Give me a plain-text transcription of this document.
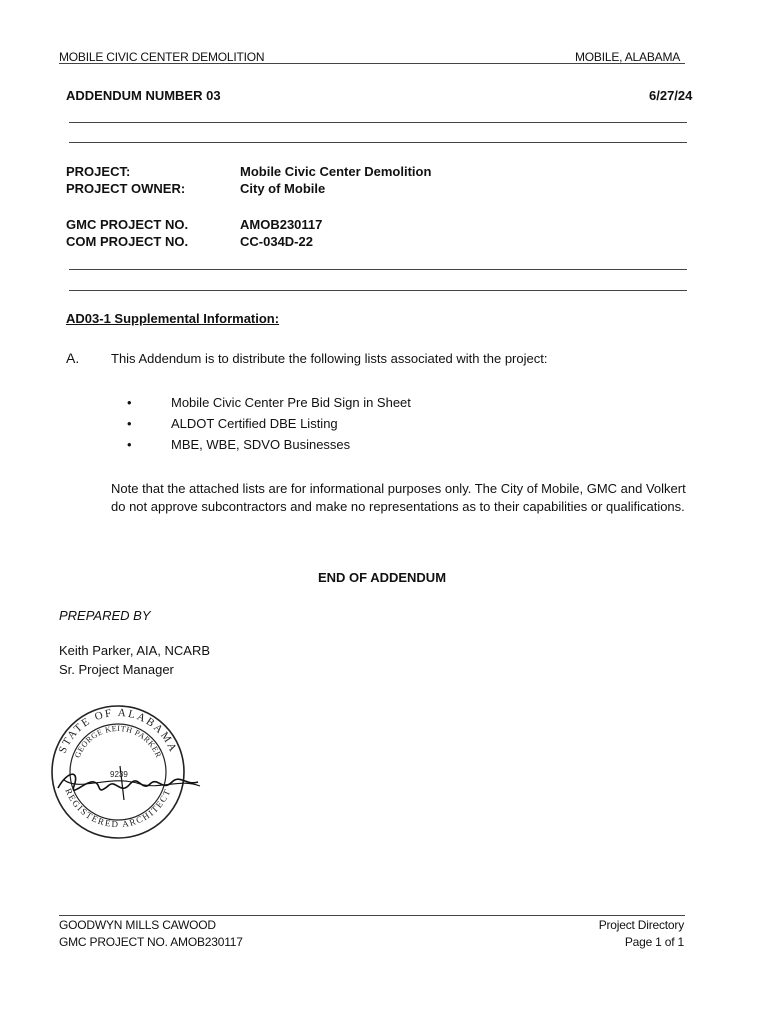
MOBILE CIVIC CENTER DEMOLITION	MOBILE, ALABAMA
ADDENDUM NUMBER 03	6/27/24
PROJECT:	Mobile Civic Center Demolition
PROJECT OWNER:	City of Mobile
GMC PROJECT NO.	AMOB230117
COM PROJECT NO.	CC-034D-22
AD03-1 Supplemental Information:
A. This Addendum is to distribute the following lists associated with the project:
•	Mobile Civic Center Pre Bid Sign in Sheet
•	ALDOT Certified DBE Listing
•	MBE, WBE, SDVO Businesses
Note that the attached lists are for informational purposes only. The City of Mobile, GMC and Volkert do not approve subcontractors and make no representations as to their capabilities or qualifications.
END OF ADDENDUM
PREPARED BY
Keith Parker, AIA, NCARB
Sr. Project Manager
STATE OF ALABAMA
GEORGE KEITH PARKER
9239
REGISTERED ARCHITECT
GOODWYN MILLS CAWOOD
GMC PROJECT NO. AMOB230117
Project Directory
Page 1 of 1
